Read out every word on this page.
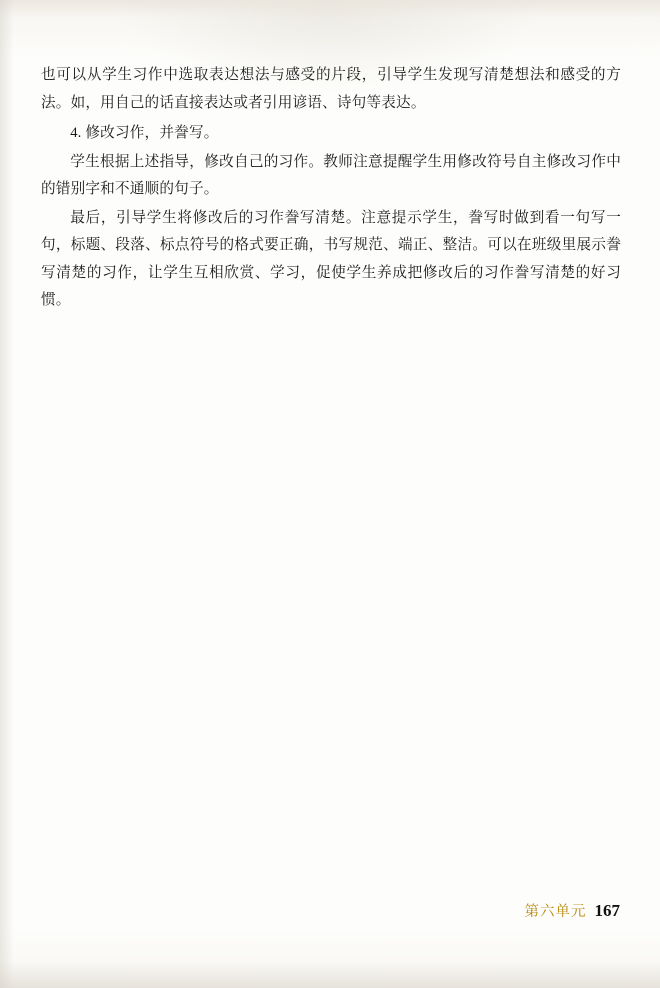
也可以从学生习作中选取表达想法与感受的片段，引导学生发现写清楚想法和感受的方法。如，用自己的话直接表达或者引用谚语、诗句等表达。

4. 修改习作，并誊写。

学生根据上述指导，修改自己的习作。教师注意提醒学生用修改符号自主修改习作中的错别字和不通顺的句子。

最后，引导学生将修改后的习作誊写清楚。注意提示学生，誊写时做到看一句写一句，标题、段落、标点符号的格式要正确，书写规范、端正、整洁。可以在班级里展示誊写清楚的习作，让学生互相欣赏、学习，促使学生养成把修改后的习作誊写清楚的好习惯。

第六单元 167
